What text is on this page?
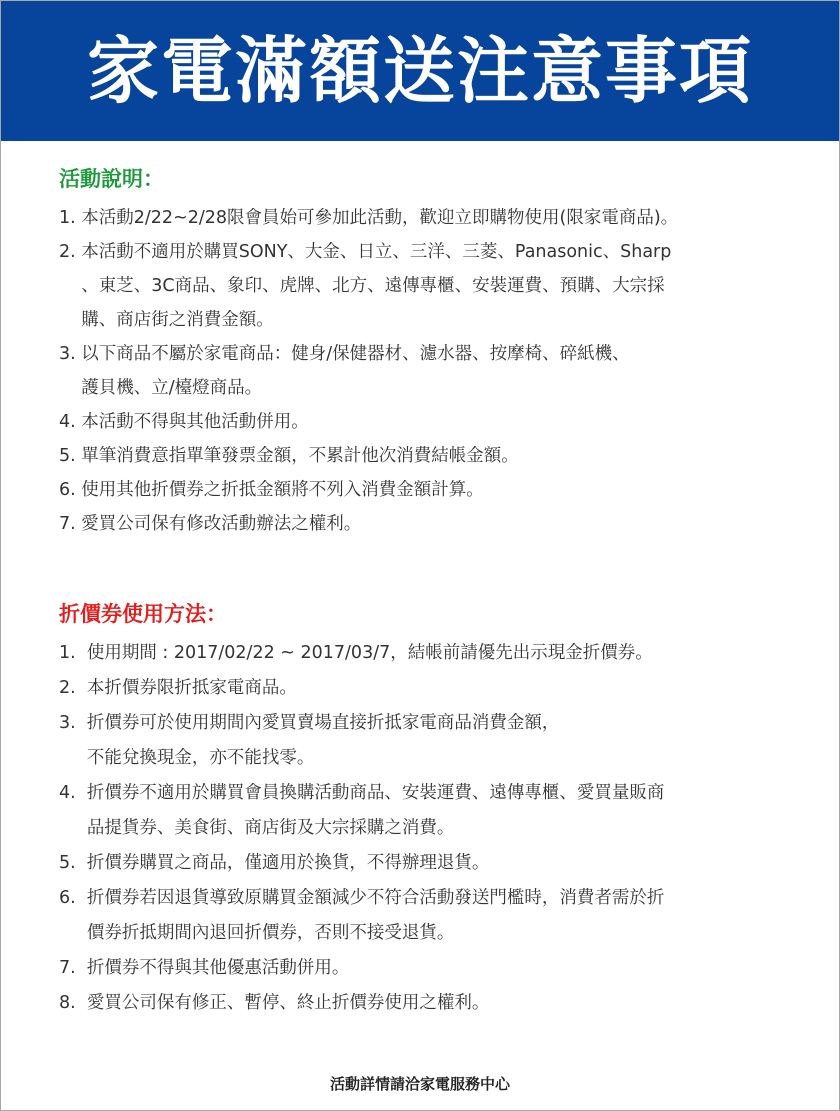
家電滿額送注意事項
活動說明：
1. 本活動2/22~2/28限會員始可參加此活動，歡迎立即購物使用(限家電商品)。
2. 本活動不適用於購買SONY、大金、日立、三洋、三菱、Panasonic、Sharp
、東芝、3C商品、象印、虎牌、北方、遠傳專櫃、安裝運費、預購、大宗採
購、商店街之消費金額。
3. 以下商品不屬於家電商品：健身/保健器材、濾水器、按摩椅、碎紙機、
護貝機、立/檯燈商品。
4. 本活動不得與其他活動併用。
5. 單筆消費意指單筆發票金額，不累計他次消費結帳金額。
6. 使用其他折價券之折抵金額將不列入消費金額計算。
7. 愛買公司保有修改活動辦法之權利。
折價券使用方法：
1. 使用期間 : 2017/02/22 ~ 2017/03/7，結帳前請優先出示現金折價券。
2. 本折價券限折抵家電商品。
3. 折價券可於使用期間內愛買賣場直接折抵家電商品消費金額，
不能兌換現金，亦不能找零。
4. 折價券不適用於購買會員換購活動商品、安裝運費、遠傳專櫃、愛買量販商
品提貨券、美食街、商店街及大宗採購之消費。
5. 折價券購買之商品，僅適用於換貨，不得辦理退貨。
6. 折價券若因退貨導致原購買金額減少不符合活動發送門檻時，消費者需於折
價券折抵期間內退回折價券，否則不接受退貨。
7. 折價券不得與其他優惠活動併用。
8. 愛買公司保有修正、暫停、終止折價券使用之權利。
活動詳情請洽家電服務中心
